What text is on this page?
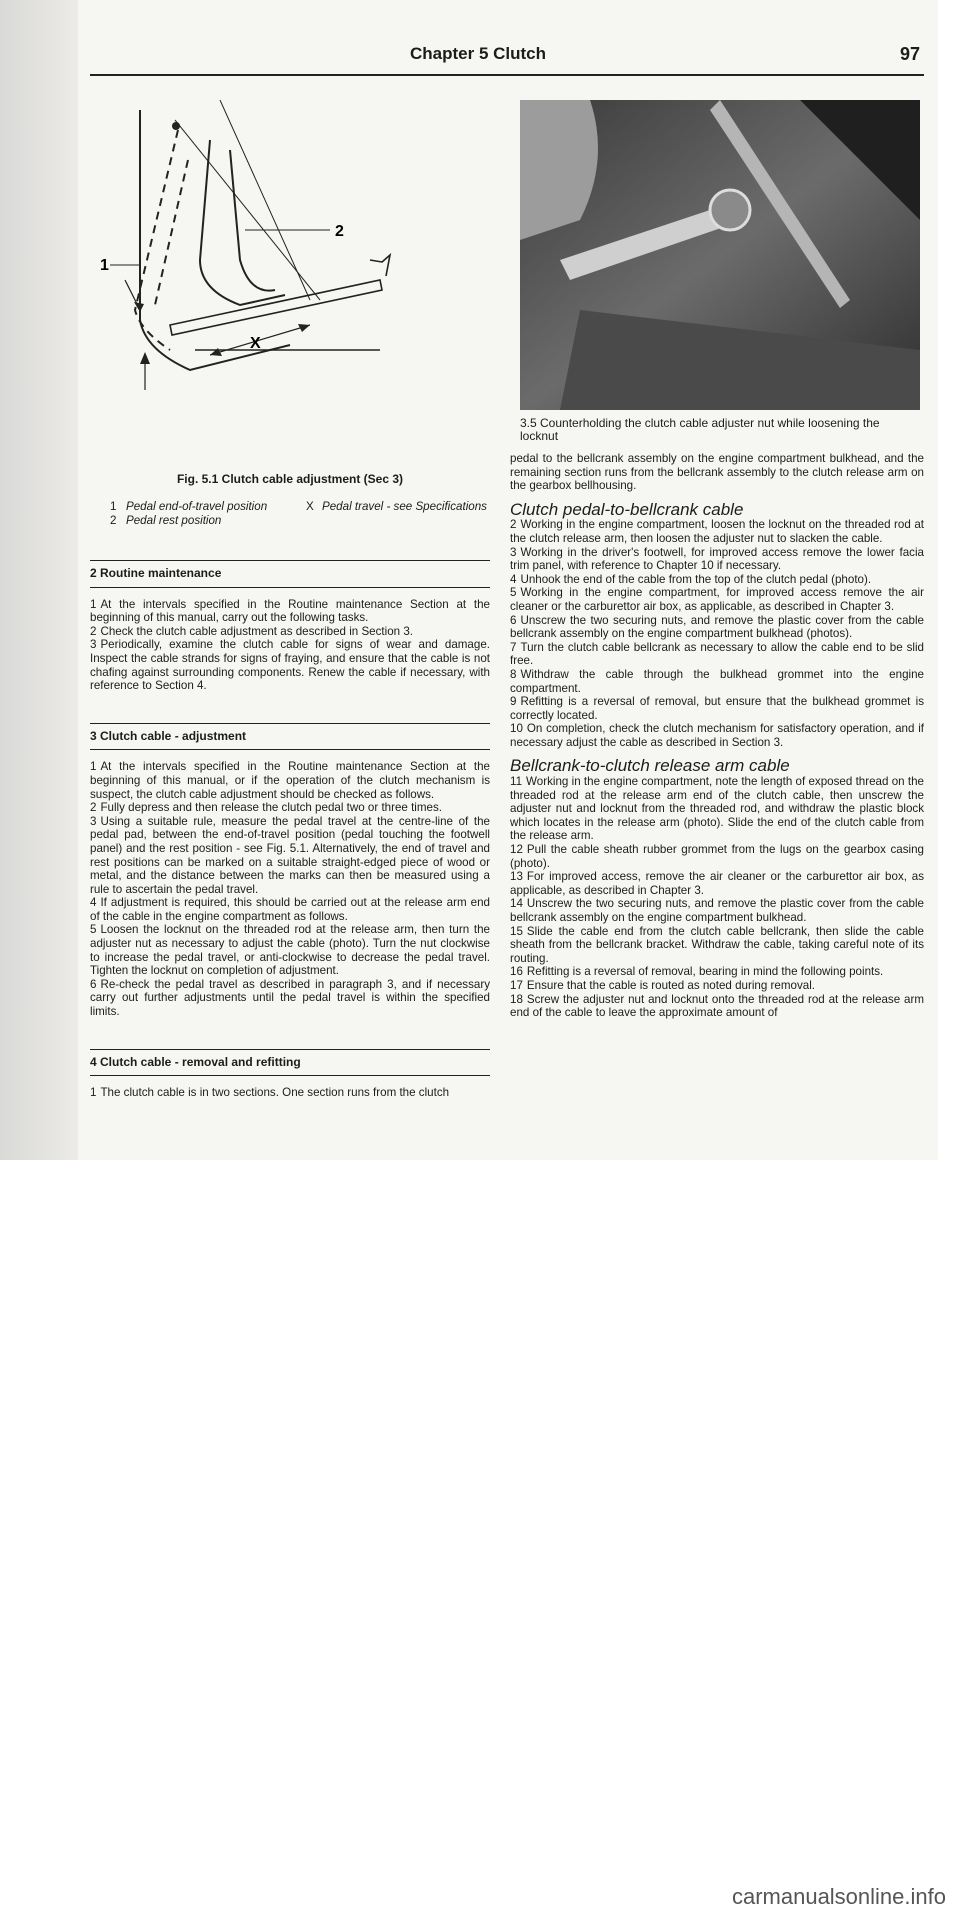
Chapter 5 Clutch	97
2
1
X
Fig. 5.1 Clutch cable adjustment (Sec 3)
1 Pedal end-of-travel position	X Pedal travel - see Specifications
2 Pedal rest position
2 Routine maintenance

1 At the intervals specified in the Routine maintenance Section at the beginning of this manual, carry out the following tasks.

2 Check the clutch cable adjustment as described in Section 3.

3 Periodically, examine the clutch cable for signs of wear and damage. Inspect the cable strands for signs of fraying, and ensure that the cable is not chafing against surrounding components. Renew the cable if necessary, with reference to Section 4.

3 Clutch cable - adjustment

1 At the intervals specified in the Routine maintenance Section at the beginning of this manual, or if the operation of the clutch mechanism is suspect, the clutch cable adjustment should be checked as follows.

2 Fully depress and then release the clutch pedal two or three times.

3 Using a suitable rule, measure the pedal travel at the centre-line of the pedal pad, between the end-of-travel position (pedal touching the footwell panel) and the rest position - see Fig. 5.1. Alternatively, the end of travel and rest positions can be marked on a suitable straight-edged piece of wood or metal, and the distance between the marks can then be measured using a rule to ascertain the pedal travel.

4 If adjustment is required, this should be carried out at the release arm end of the cable in the engine compartment as follows.

5 Loosen the locknut on the threaded rod at the release arm, then turn the adjuster nut as necessary to adjust the cable (photo). Turn the nut clockwise to increase the pedal travel, or anti-clockwise to decrease the pedal travel. Tighten the locknut on completion of adjustment.

6 Re-check the pedal travel as described in paragraph 3, and if necessary carry out further adjustments until the pedal travel is within the specified limits.

4 Clutch cable - removal and refitting

1 The clutch cable is in two sections. One section runs from the clutch

3.5 Counterholding the clutch cable adjuster nut while loosening the locknut

pedal to the bellcrank assembly on the engine compartment bulkhead, and the remaining section runs from the bellcrank assembly to the clutch release arm on the gearbox bellhousing.

Clutch pedal-to-bellcrank cable

2 Working in the engine compartment, loosen the locknut on the threaded rod at the clutch release arm, then loosen the adjuster nut to slacken the cable.

3 Working in the driver's footwell, for improved access remove the lower facia trim panel, with reference to Chapter 10 if necessary.

4 Unhook the end of the cable from the top of the clutch pedal (photo).

5 Working in the engine compartment, for improved access remove the air cleaner or the carburettor air box, as applicable, as described in Chapter 3.

6 Unscrew the two securing nuts, and remove the plastic cover from the cable bellcrank assembly on the engine compartment bulkhead (photos).

7 Turn the clutch cable bellcrank as necessary to allow the cable end to be slid free.

8 Withdraw the cable through the bulkhead grommet into the engine compartment.

9 Refitting is a reversal of removal, but ensure that the bulkhead grommet is correctly located.

10 On completion, check the clutch mechanism for satisfactory operation, and if necessary adjust the cable as described in Section 3.

Bellcrank-to-clutch release arm cable

11 Working in the engine compartment, note the length of exposed thread on the threaded rod at the release arm end of the clutch cable, then unscrew the adjuster nut and locknut from the threaded rod, and withdraw the plastic block which locates in the release arm (photo). Slide the end of the clutch cable from the release arm.

12 Pull the cable sheath rubber grommet from the lugs on the gearbox casing (photo).

13 For improved access, remove the air cleaner or the carburettor air box, as applicable, as described in Chapter 3.

14 Unscrew the two securing nuts, and remove the plastic cover from the cable bellcrank assembly on the engine compartment bulkhead.

15 Slide the cable end from the clutch cable bellcrank, then slide the cable sheath from the bellcrank bracket. Withdraw the cable, taking careful note of its routing.

16 Refitting is a reversal of removal, bearing in mind the following points.

17 Ensure that the cable is routed as noted during removal.

18 Screw the adjuster nut and locknut onto the threaded rod at the release arm end of the cable to leave the approximate amount of

carmanualsonline.info
